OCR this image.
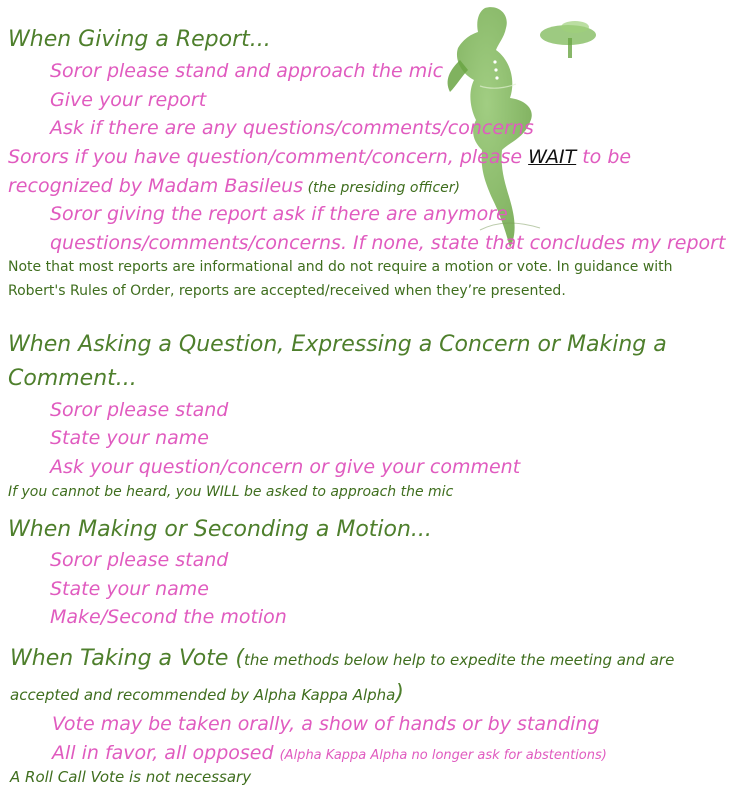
When Giving a Report...
Soror please stand and approach the mic
Give your report
Ask if there are any questions/comments/concerns
Sorors if you have question/comment/concern, please WAIT to be
recognized by Madam Basileus (the presiding officer)
Soror giving the report ask if there are anymore
questions/comments/concerns. If none, state that concludes my report
Note that most reports are informational and do not require a motion or vote. In guidance with
Robert's Rules of Order, reports are accepted/received when they’re presented.
When Asking a Question, Expressing a Concern or Making a
Comment...
Soror please stand
State your name
Ask your question/concern or give your comment
If you cannot be heard, you WILL be asked to approach the mic
When Making or Seconding a Motion...
Soror please stand
State your name
Make/Second the motion
When Taking a Vote (the methods below help to expedite the meeting and are
accepted and recommended by Alpha Kappa Alpha)
Vote may be taken orally, a show of hands or by standing
All in favor, all opposed (Alpha Kappa Alpha no longer ask for abstentions)
A Roll Call Vote is not necessary
